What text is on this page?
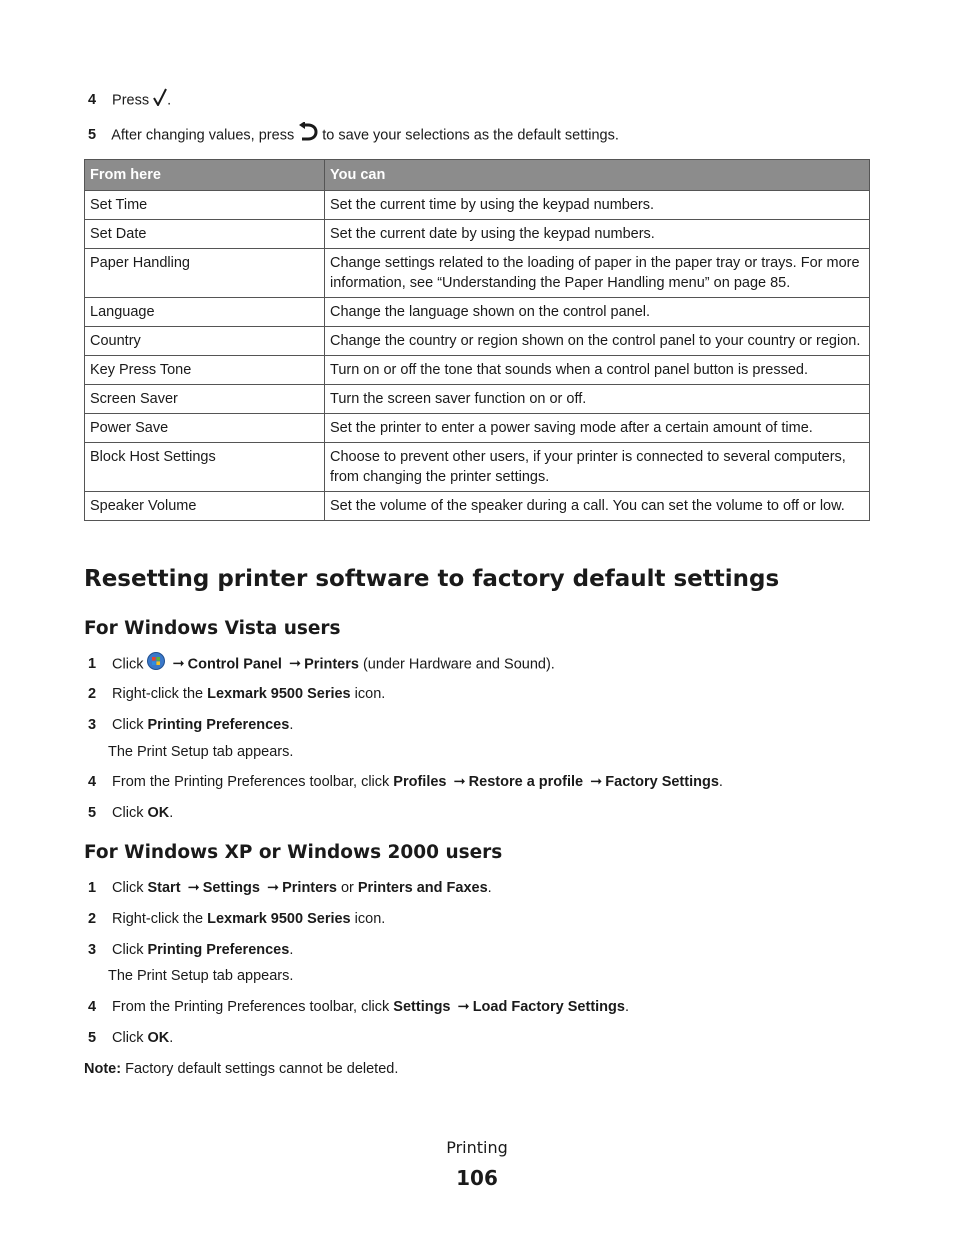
4 Press .
5 After changing values, press to save your selections as the default settings.
From here	You can
Set Time	Set the current time by using the keypad numbers.
Set Date	Set the current date by using the keypad numbers.
Paper Handling	Change settings related to the loading of paper in the paper tray or trays. For more information, see “Understanding the Paper Handling menu” on page 85.
Language	Change the language shown on the control panel.
Country	Change the country or region shown on the control panel to your country or region.
Key Press Tone	Turn on or off the tone that sounds when a control panel button is pressed.
Screen Saver	Turn the screen saver function on or off.
Power Save	Set the printer to enter a power saving mode after a certain amount of time.
Block Host Settings	Choose to prevent other users, if your printer is connected to several computers, from changing the printer settings.
Speaker Volume	Set the volume of the speaker during a call. You can set the volume to off or low.
Resetting printer software to factory default settings
For Windows Vista users
1 Click ➞ Control Panel ➞ Printers (under Hardware and Sound).
2 Right-click the Lexmark 9500 Series icon.
3 Click Printing Preferences.
The Print Setup tab appears.
4 From the Printing Preferences toolbar, click Profiles ➞ Restore a profile ➞ Factory Settings.
5 Click OK.
For Windows XP or Windows 2000 users
1 Click Start ➞ Settings ➞ Printers or Printers and Faxes.
2 Right-click the Lexmark 9500 Series icon.
3 Click Printing Preferences.
The Print Setup tab appears.
4 From the Printing Preferences toolbar, click Settings ➞ Load Factory Settings.
5 Click OK.
Note: Factory default settings cannot be deleted.
Printing
106
